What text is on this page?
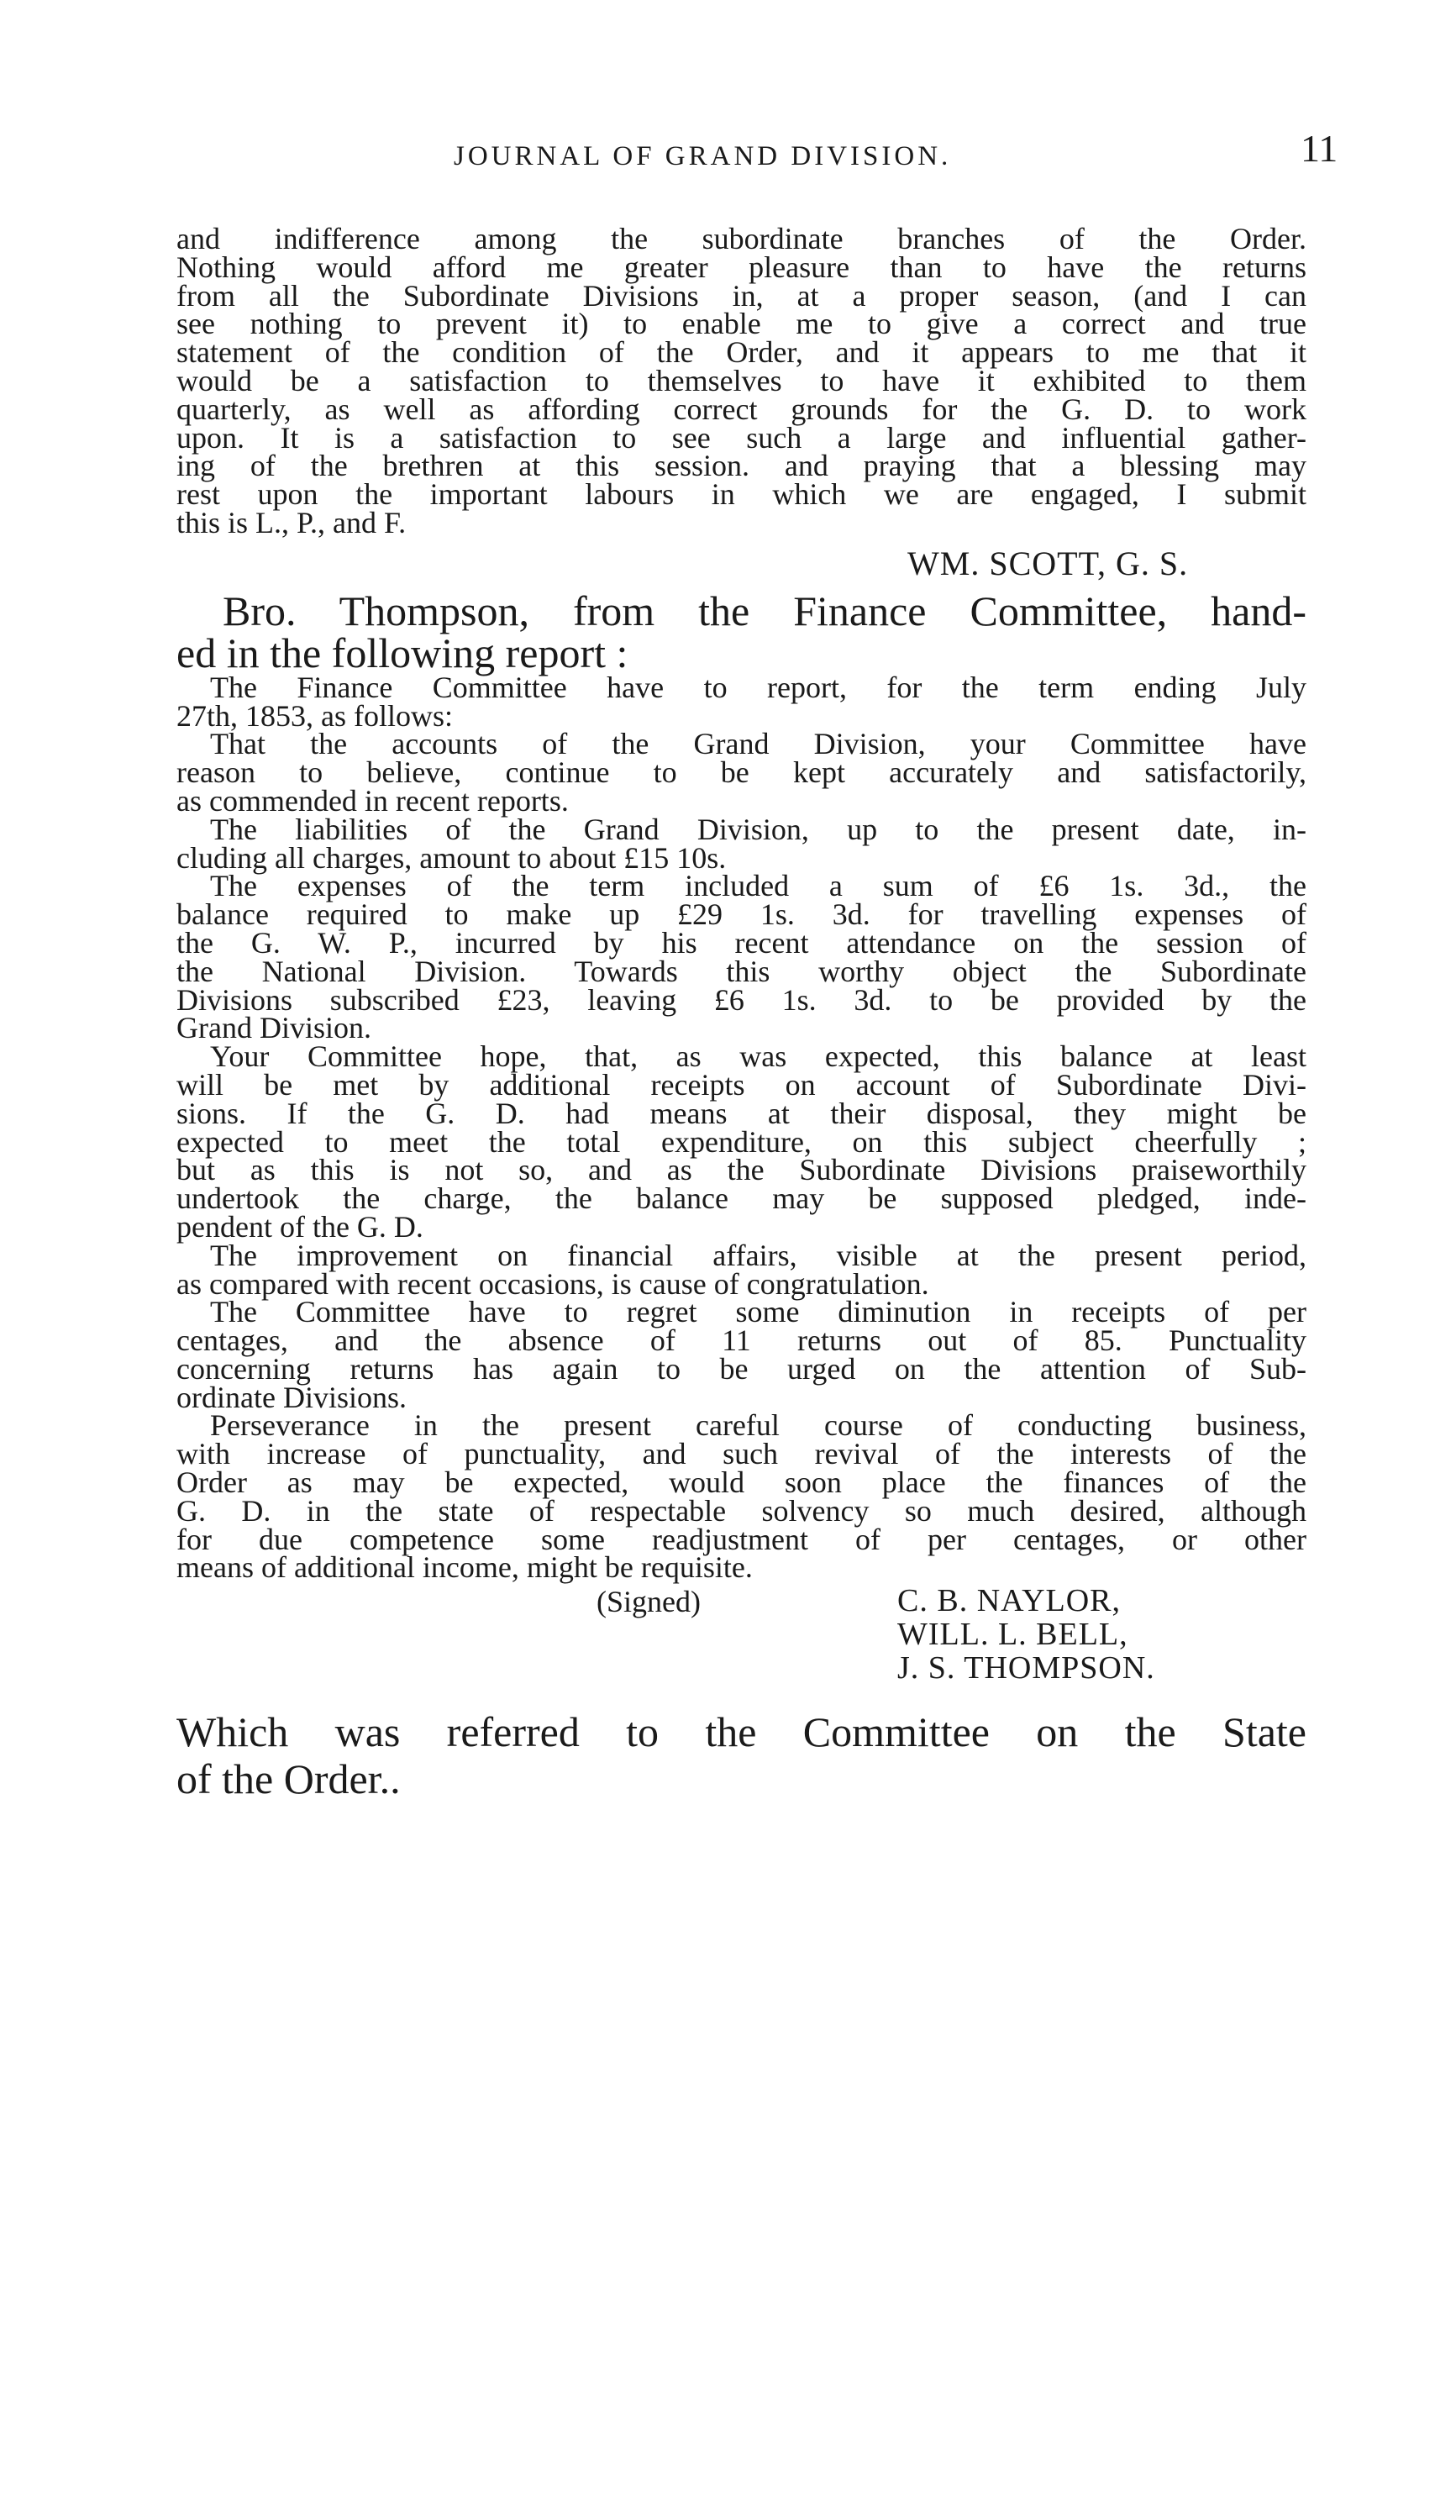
JOURNAL OF GRAND DIVISION.	11
and indifference among the subordinate branches of the Order.
Nothing would afford me greater pleasure than to have the returns
from all the Subordinate Divisions in, at a proper season, (and I can
see nothing to prevent it) to enable me to give a correct and true
statement of the condition of the Order, and it appears to me that it
would be a satisfaction to themselves to have it exhibited to them
quarterly, as well as affording correct grounds for the G. D. to work
upon. It is a satisfaction to see such a large and influential gather-
ing of the brethren at this session. and praying that a blessing may
rest upon the important labours in which we are engaged, I submit
this is L., P., and F.
WM. SCOTT, G. S.
Bro. Thompson, from the Finance Committee, hand-
ed in the following report :
The Finance Committee have to report, for the term ending July
27th, 1853, as follows:
That the accounts of the Grand Division, your Committee have
reason to believe, continue to be kept accurately and satisfactorily,
as commended in recent reports.
The liabilities of the Grand Division, up to the present date, in-
cluding all charges, amount to about £15 10s.
The expenses of the term included a sum of £6 1s. 3d., the
balance required to make up £29 1s. 3d. for travelling expenses of
the G. W. P., incurred by his recent attendance on the session of
the National Division. Towards this worthy object the Subordinate
Divisions subscribed £23, leaving £6 1s. 3d. to be provided by the
Grand Division.
Your Committee hope, that, as was expected, this balance at least
will be met by additional receipts on account of Subordinate Divi-
sions. If the G. D. had means at their disposal, they might be
expected to meet the total expenditure, on this subject cheerfully ;
but as this is not so, and as the Subordinate Divisions praiseworthily
undertook the charge, the balance may be supposed pledged, inde-
pendent of the G. D.
The improvement on financial affairs, visible at the present period,
as compared with recent occasions, is cause of congratulation.
The Committee have to regret some diminution in receipts of per
centages, and the absence of 11 returns out of 85. Punctuality
concerning returns has again to be urged on the attention of Sub-
ordinate Divisions.
Perseverance in the present careful course of conducting business,
with increase of punctuality, and such revival of the interests of the
Order as may be expected, would soon place the finances of the
G. D. in the state of respectable solvency so much desired, although
for due competence some readjustment of per centages, or other
means of additional income, might be requisite.
(Signed)	C. B. NAYLOR,
WILL. L. BELL,
J. S. THOMPSON.
Which was referred to the Committee on the State
of the Order..
